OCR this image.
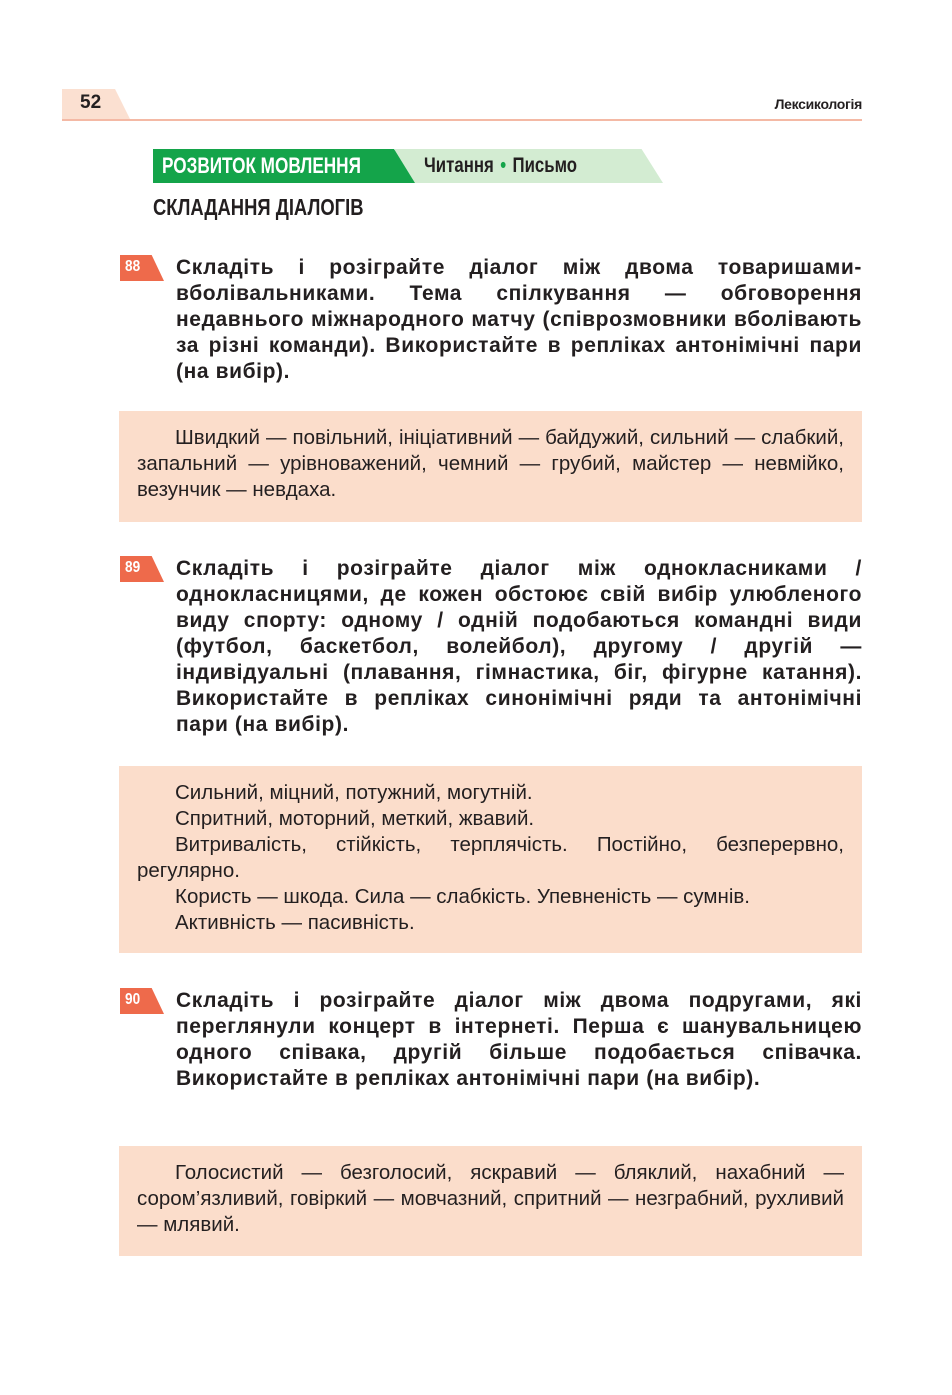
52	Лексикологія
РОЗВИТОК МОВЛЕННЯ	Читання • Письмо
СКЛАДАННЯ ДІАЛОГІВ
88 Складіть і розіграйте діалог між двома товаришами-вболівальниками. Тема спілкування — обговорення недавнього міжнародного матчу (співрозмовники вболівають за різні команди). Використайте в репліках антонімічні пари (на вибір).

Швидкий — повільний, ініціативний — байдужий, сильний — слабкий, запальний — урівноважений, чемний — грубий, майстер — невмійко, везунчик — невдаха.

89 Складіть і розіграйте діалог між однокласниками / однокласницями, де кожен обстоює свій вибір улюбленого виду спорту: одному / одній подобаються командні види (футбол, баскетбол, волейбол), другому / другій — індивідуальні (плавання, гімнастика, біг, фігурне катання). Використайте в репліках синонімічні ряди та антонімічні пари (на вибір).

Сильний, міцний, потужний, могутній.

Спритний, моторний, меткий, жвавий.

Витривалість, стійкість, терплячість. Постійно, безперервно, регулярно.

Користь — шкода. Сила — слабкість. Упевненість — сумнів.

Активність — пасивність.

90 Складіть і розіграйте діалог між двома подругами, які переглянули концерт в інтернеті. Перша є шанувальницею одного співака, другій більше подобається співачка. Використайте в репліках антонімічні пари (на вибір).

Голосистий — безголосий, яскравий — бляклий, нахабний — сором’язливий, говіркий — мовчазний, спритний — незграбний, рухливий — млявий.
